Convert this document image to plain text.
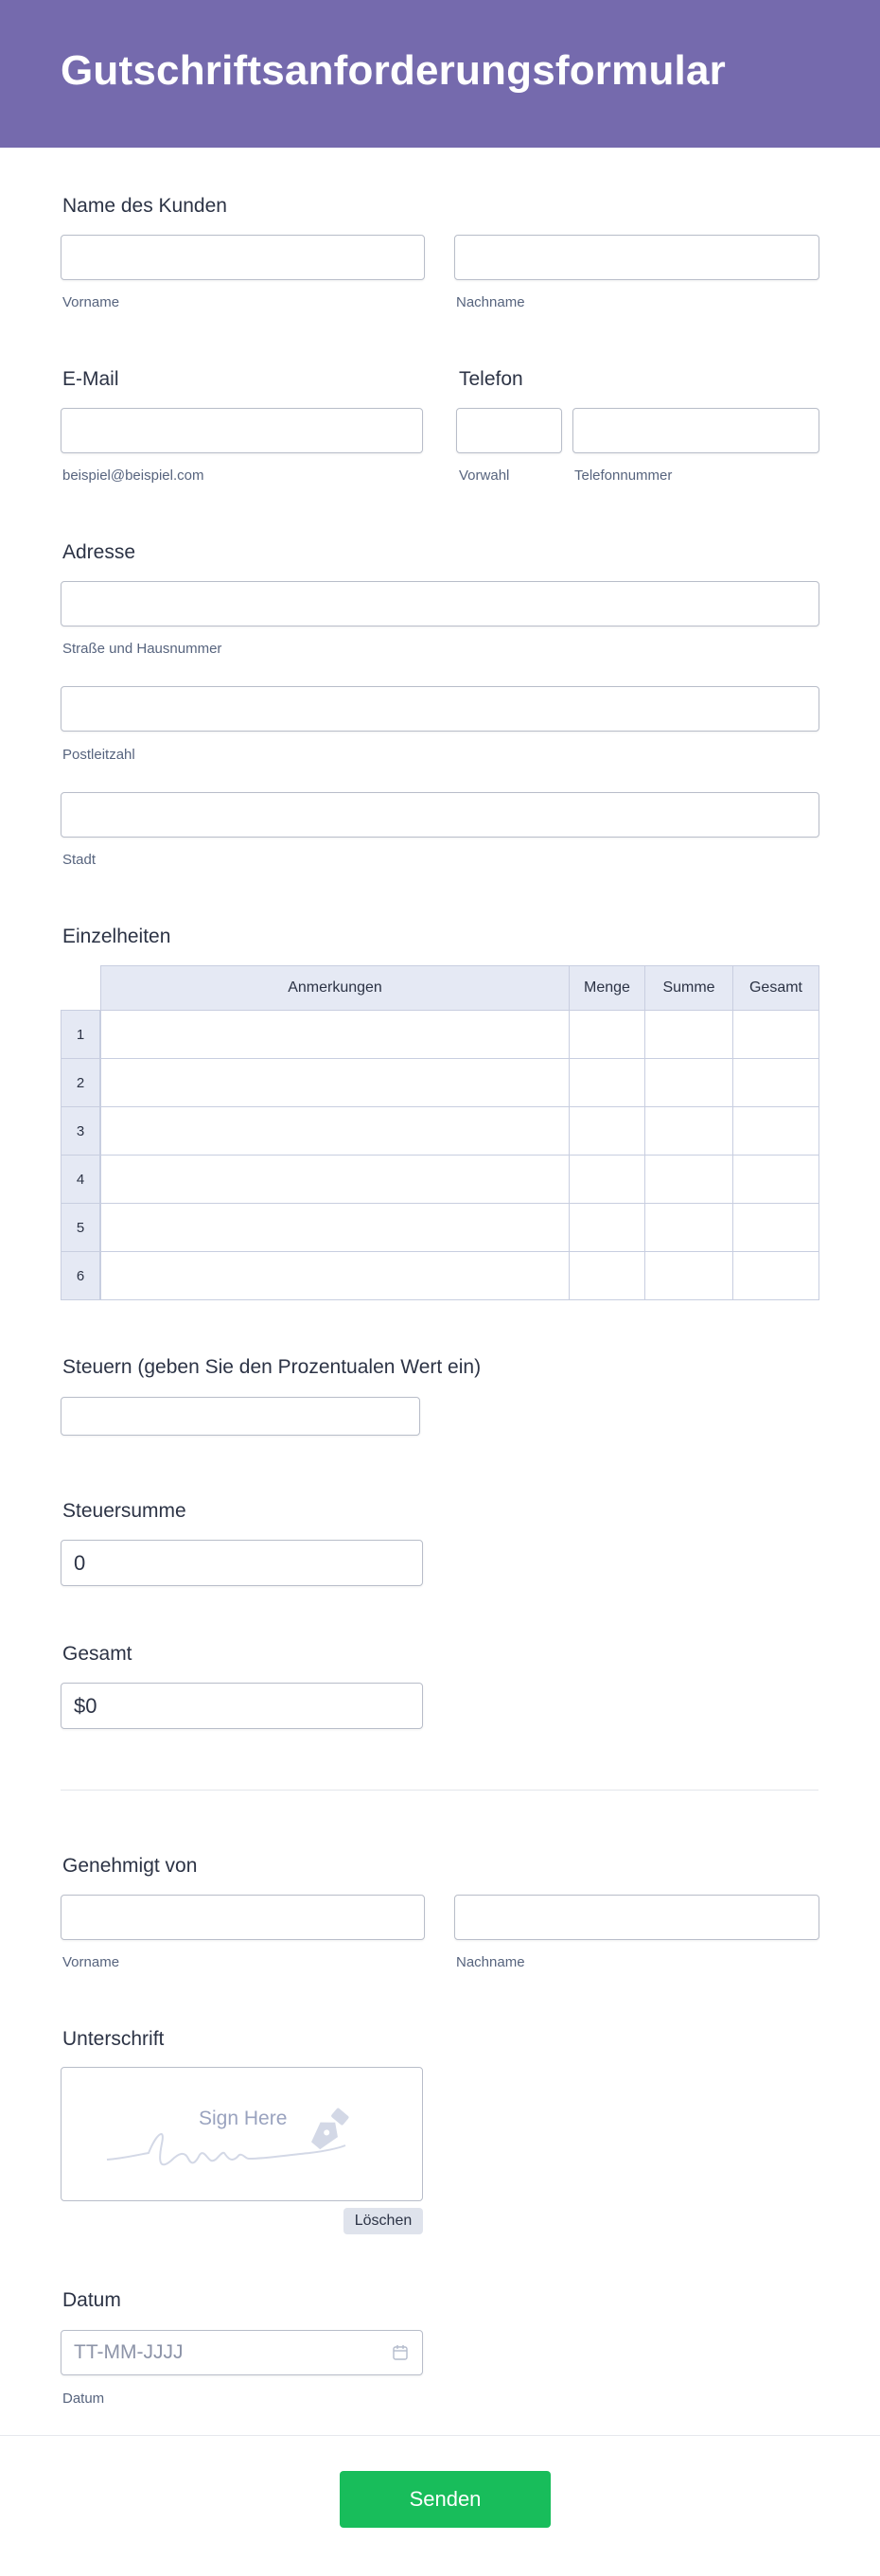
Gutschriftsanforderungsformular
Name des Kunden
Vorname	Nachname
E-Mail
beispiel@beispiel.com
Telefon
Vorwahl	Telefonnummer
Adresse
Straße und Hausnummer
Postleitzahl
Stadt
Einzelheiten
Anmerkungen	Menge	Summe	Gesamt
1
2
3
4
5
6
Steuern (geben Sie den Prozentualen Wert ein)
Steuersumme
0
Gesamt
$0
Genehmigt von
Vorname	Nachname
Unterschrift
Sign Here
Löschen
Datum
TT-MM-JJJJ
Datum
Senden
